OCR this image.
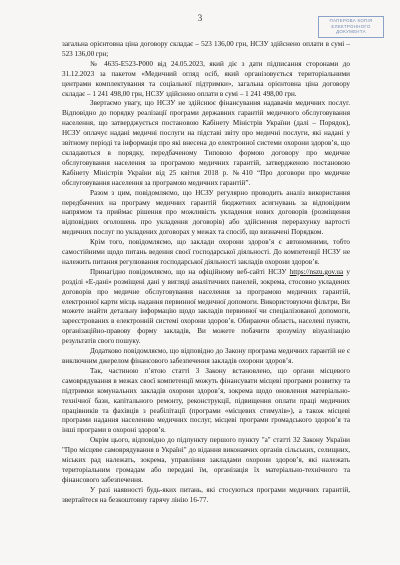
3	ПАПЕРОВА КОПІЯ
ЕЛЕКТРОННОГО
ДОКУМЕНТА

загальна орієнтовна ціна договору складає – 523 136,00 грн, НСЗУ здійснено оплати в сумі – 523 136,00 грн;

№ 4635-Е523-Р000 від 24.05.2023, який діє з дати підписання сторонами до 31.12.2023 за пакетом «Медичний огляд осіб, який організовується територіальними центрами комплектування та соціальної підтримки», загальна орієнтовна ціна договору складає – 1 241 498,00 грн, НСЗУ здійснено оплати в сумі – 1 241 498,00 грн.

Звертаємо увагу, що НСЗУ не здійснює фінансування надавачів медичних послуг. Відповідно до порядку реалізації програми державних гарантій медичного обслуговування населення, що затверджується постановою Кабінету Міністрів України (далі – Порядок), НСЗУ оплачує надані медичні послуги на підставі звіту про медичні послуги, які надані у звітному періоді та інформація про які внесена до електронної системи охорони здоров’я, що складаються в порядку, передбаченому Типовою формою договору про медичне обслуговування населення за програмою медичних гарантій, затвердженою постановою Кабінету Міністрів України від 25 квітня 2018 р. №410 “Про договори про медичне обслуговування населення за програмою медичних гарантій”.

Разом з цим, повідомляємо, що НСЗУ регулярно проводить аналіз використання передбачених на програму медичних гарантій бюджетних асигнувань за відповідним напрямом та приймає рішення про можливість укладення нових договорів (розміщення відповідних оголошень про укладення договорів) або здійснення перерахунку вартості медичних послуг по укладених договорах у межах та спосіб, що визначені Порядком.

Крім того, повідомляємо, що заклади охорони здоров’я є автономними, тобто самостійними щодо питань ведення своєї господарської діяльності. До компетенції НСЗУ не належить питання регулювання господарської діяльності закладів охорони здоров’я.

Принагідно повідомляємо, що на офіційному веб-сайті НСЗУ https://nszu.gov.ua у розділі «Е-дані» розміщені дані у вигляді аналітичних панелей, зокрема, стосовно укладених договорів про медичне обслуговування населення за програмою медичних гарантій, електронної карти місць надання первинної медичної допомоги. Використовуючи фільтри, Ви можете знайти детальну інформацію щодо закладів первинної чи спеціалізованої допомоги, зареєстрованих в електронній системі охорони здоров’я. Обираючи область, населені пункти, організаційно-правову форму закладів, Ви можете побачити зрозумілу візуалізацію результатів свого пошуку.

Додатково повідомляємо, що відповідно до Закону програма медичних гарантій не є виключним джерелом фінансового забезпечення закладів охорони здоров’я.

Так, частиною п’ятою статті 3 Закону встановлено, що органи місцевого самоврядування в межах своєї компетенції можуть фінансувати місцеві програми розвитку та підтримки комунальних закладів охорони здоров’я, зокрема щодо оновлення матеріально-технічної бази, капітального ремонту, реконструкції, підвищення оплати праці медичних працівників та фахівців з реабілітації (програми «місцевих стимулів»), а також місцеві програми надання населенню медичних послуг, місцеві програми громадського здоров’я та інші програми в охороні здоров’я.

Окрім цього, відповідно до підпункту першого пункту "а" статті 32 Закону України "Про місцеве самоврядування в Україні" до відання виконавчих органів сільських, селищних, міських рад належать, зокрема, управління закладами охорони здоров’я, які належать територіальним громадам або передані їм, організація їх матеріально-технічного та фінансового забезпечення.

У разі наявності будь-яких питань, які стосуються програми медичних гарантій, звертайтеся на безкоштовну гарячу лінію 16-77.
